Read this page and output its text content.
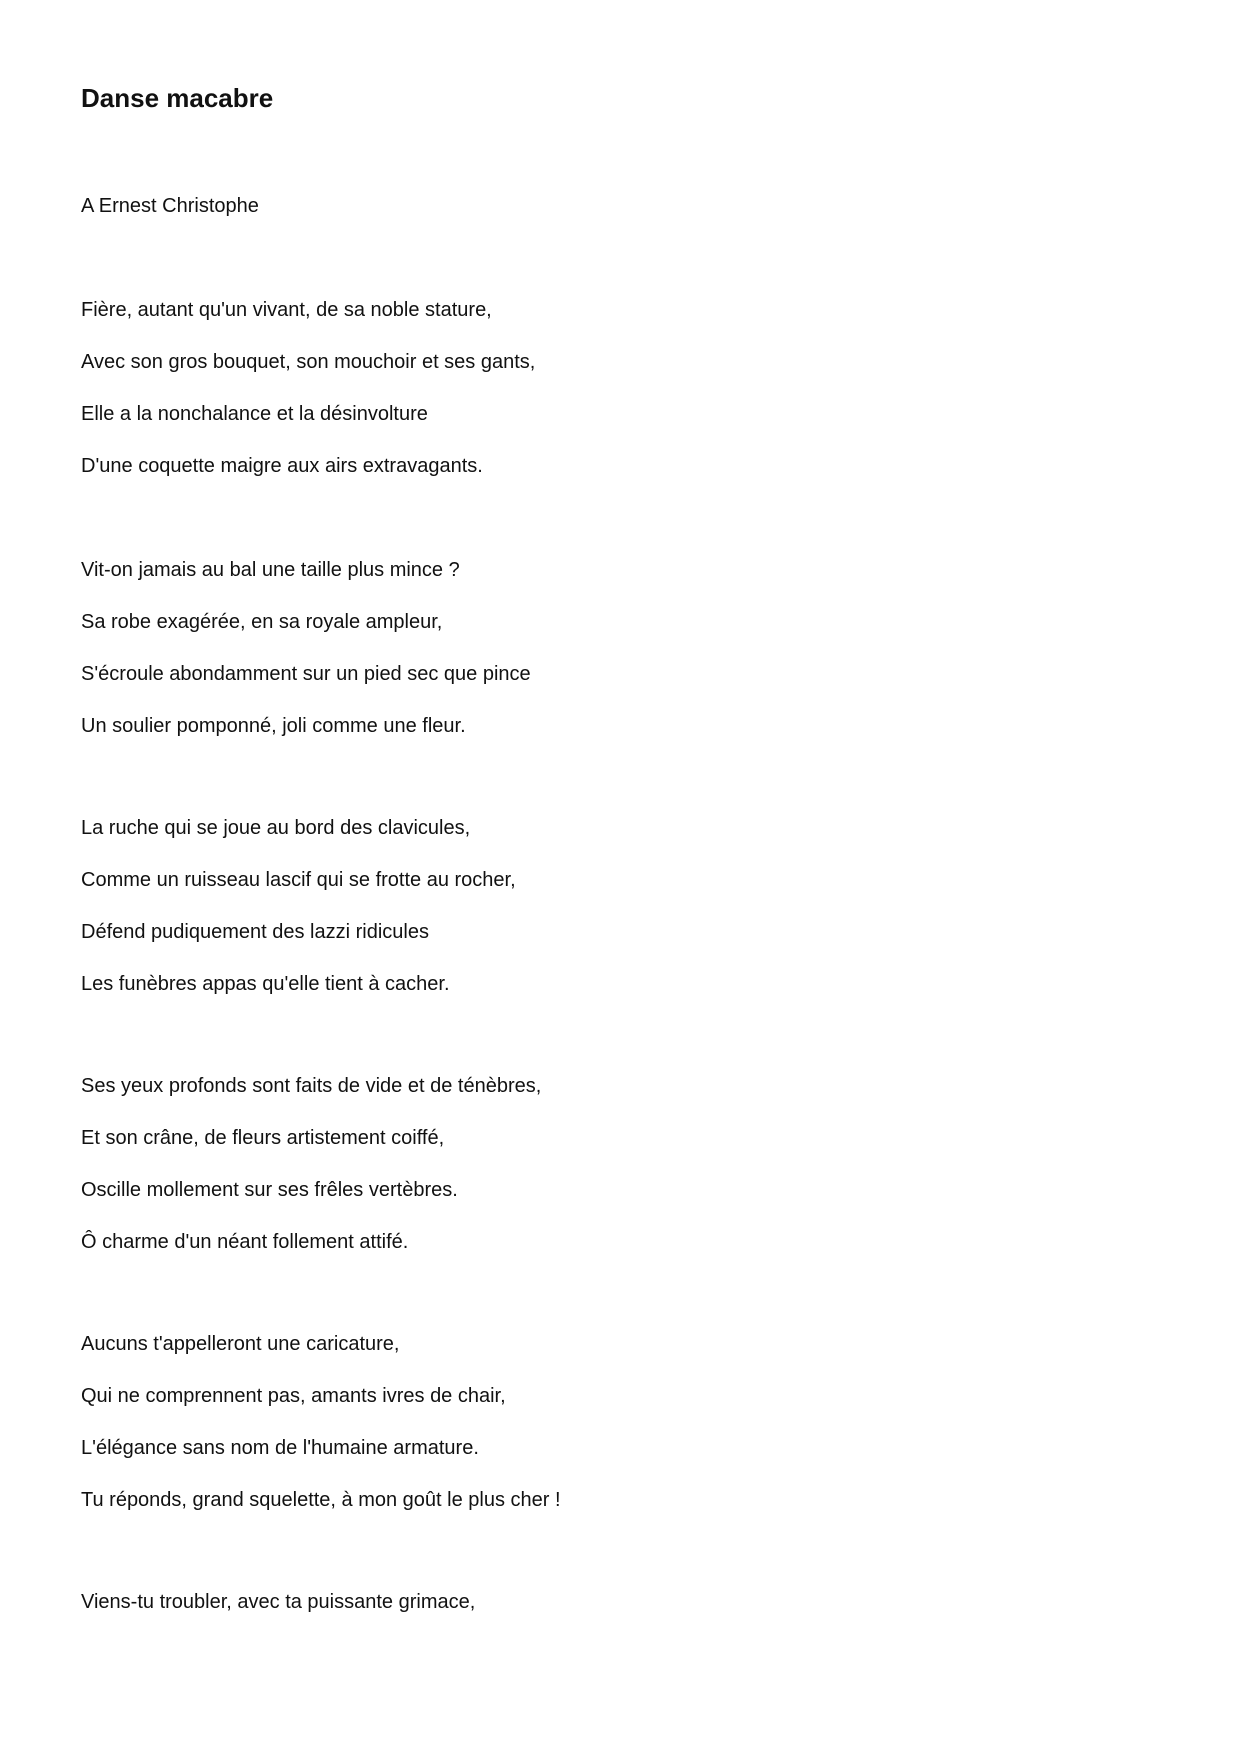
Danse macabre
A Ernest Christophe
Fière, autant qu'un vivant, de sa noble stature,
Avec son gros bouquet, son mouchoir et ses gants,
Elle a la nonchalance et la désinvolture
D'une coquette maigre aux airs extravagants.
Vit-on jamais au bal une taille plus mince ?
Sa robe exagérée, en sa royale ampleur,
S'écroule abondamment sur un pied sec que pince
Un soulier pomponné, joli comme une fleur.
La ruche qui se joue au bord des clavicules,
Comme un ruisseau lascif qui se frotte au rocher,
Défend pudiquement des lazzi ridicules
Les funèbres appas qu'elle tient à cacher.
Ses yeux profonds sont faits de vide et de ténèbres,
Et son crâne, de fleurs artistement coiffé,
Oscille mollement sur ses frêles vertèbres.
Ô charme d'un néant follement attifé.
Aucuns t'appelleront une caricature,
Qui ne comprennent pas, amants ivres de chair,
L'élégance sans nom de l'humaine armature.
Tu réponds, grand squelette, à mon goût le plus cher !
Viens-tu troubler, avec ta puissante grimace,
